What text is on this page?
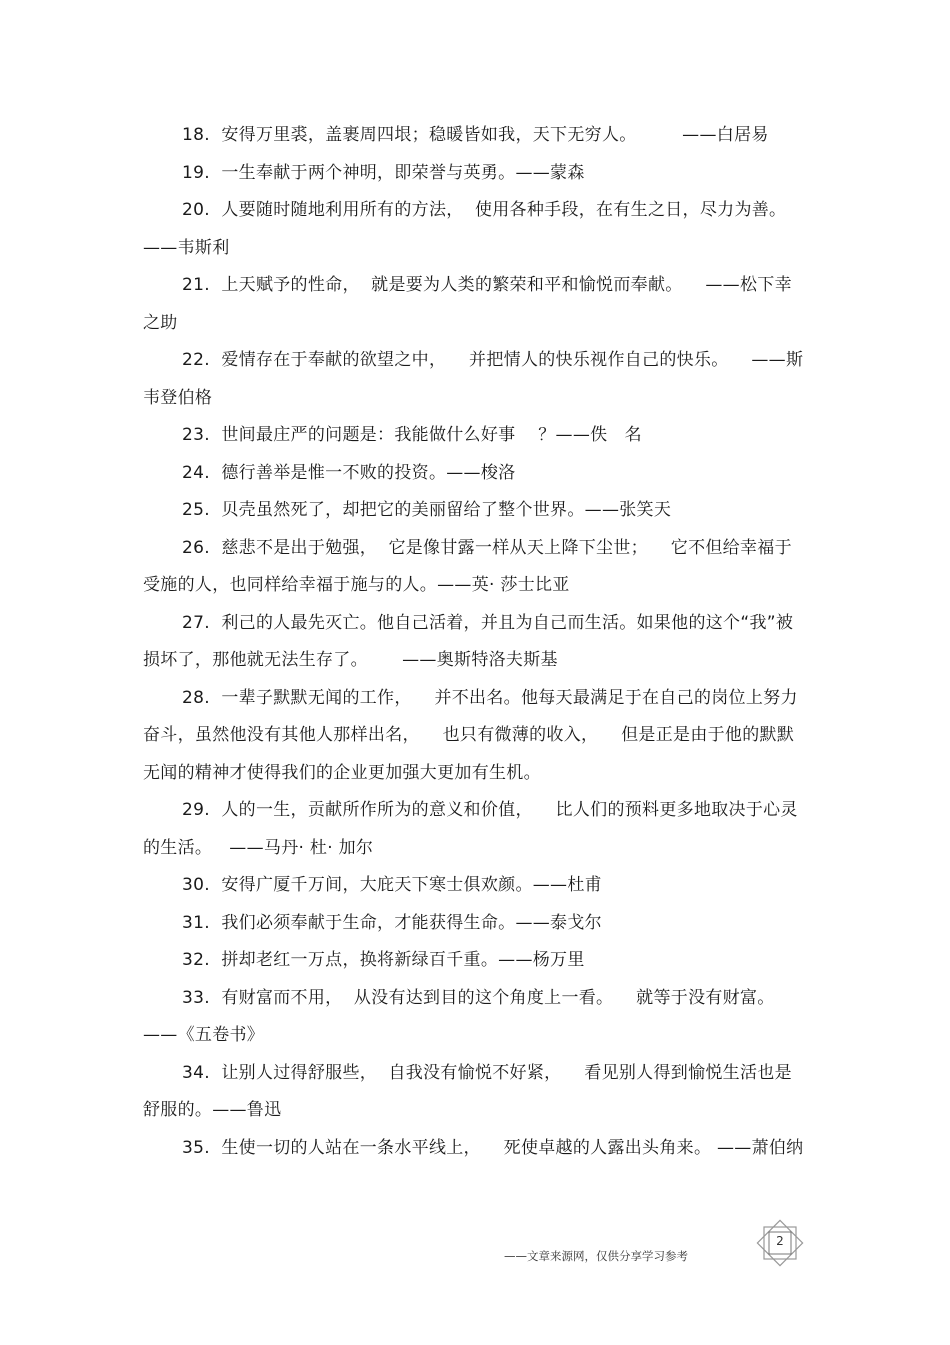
18.  安得万里裘，盖裹周四垠；稳暖皆如我，天下无穷人。        ——白居易

19.  一生奉献于两个神明，即荣誉与英勇。——蒙森

20.  人要随时随地利用所有的方法，  使用各种手段，在有生之日，尽力为善。——韦斯利

21.  上天赋予的性命，  就是要为人类的繁荣和平和愉悦而奉献。    ——松下幸之助

22.  爱情存在于奉献的欲望之中，    并把情人的快乐视作自己的快乐。    ——斯韦登伯格

23.  世间最庄严的问题是：我能做什么好事    ？——佚   名

24.  德行善举是惟一不败的投资。——梭洛

25.  贝壳虽然死了，却把它的美丽留给了整个世界。——张笑天

26.  慈悲不是出于勉强，  它是像甘露一样从天上降下尘世；    它不但给幸福于受施的人，也同样给幸福于施与的人。——英· 莎士比亚

27.  利己的人最先灭亡。他自己活着，并且为自己而生活。如果他的这个“我”被损坏了，那他就无法生存了。      ——奥斯特洛夫斯基

28.  一辈子默默无闻的工作，    并不出名。他每天最满足于在自己的岗位上努力奋斗，虽然他没有其他人那样出名，    也只有微薄的收入，    但是正是由于他的默默无闻的精神才使得我们的企业更加强大更加有生机。

29.  人的一生，贡献所作所为的意义和价值，    比人们的预料更多地取决于心灵的生活。   ——马丹· 杜· 加尔

30.  安得广厦千万间，大庇天下寒士俱欢颜。——杜甫

31.  我们必须奉献于生命，才能获得生命。——泰戈尔

32.  拼却老红一万点，换将新绿百千重。——杨万里

33.  有财富而不用，  从没有达到目的这个角度上一看。    就等于没有财富。 ——《五卷书》

34.  让别人过得舒服些，  自我没有愉悦不好紧，    看见别人得到愉悦生活也是舒服的。——鲁迅

35.  生使一切的人站在一条水平线上，    死使卓越的人露出头角来。 ——萧伯纳

——文章来源网，仅供分享学习参考
2
